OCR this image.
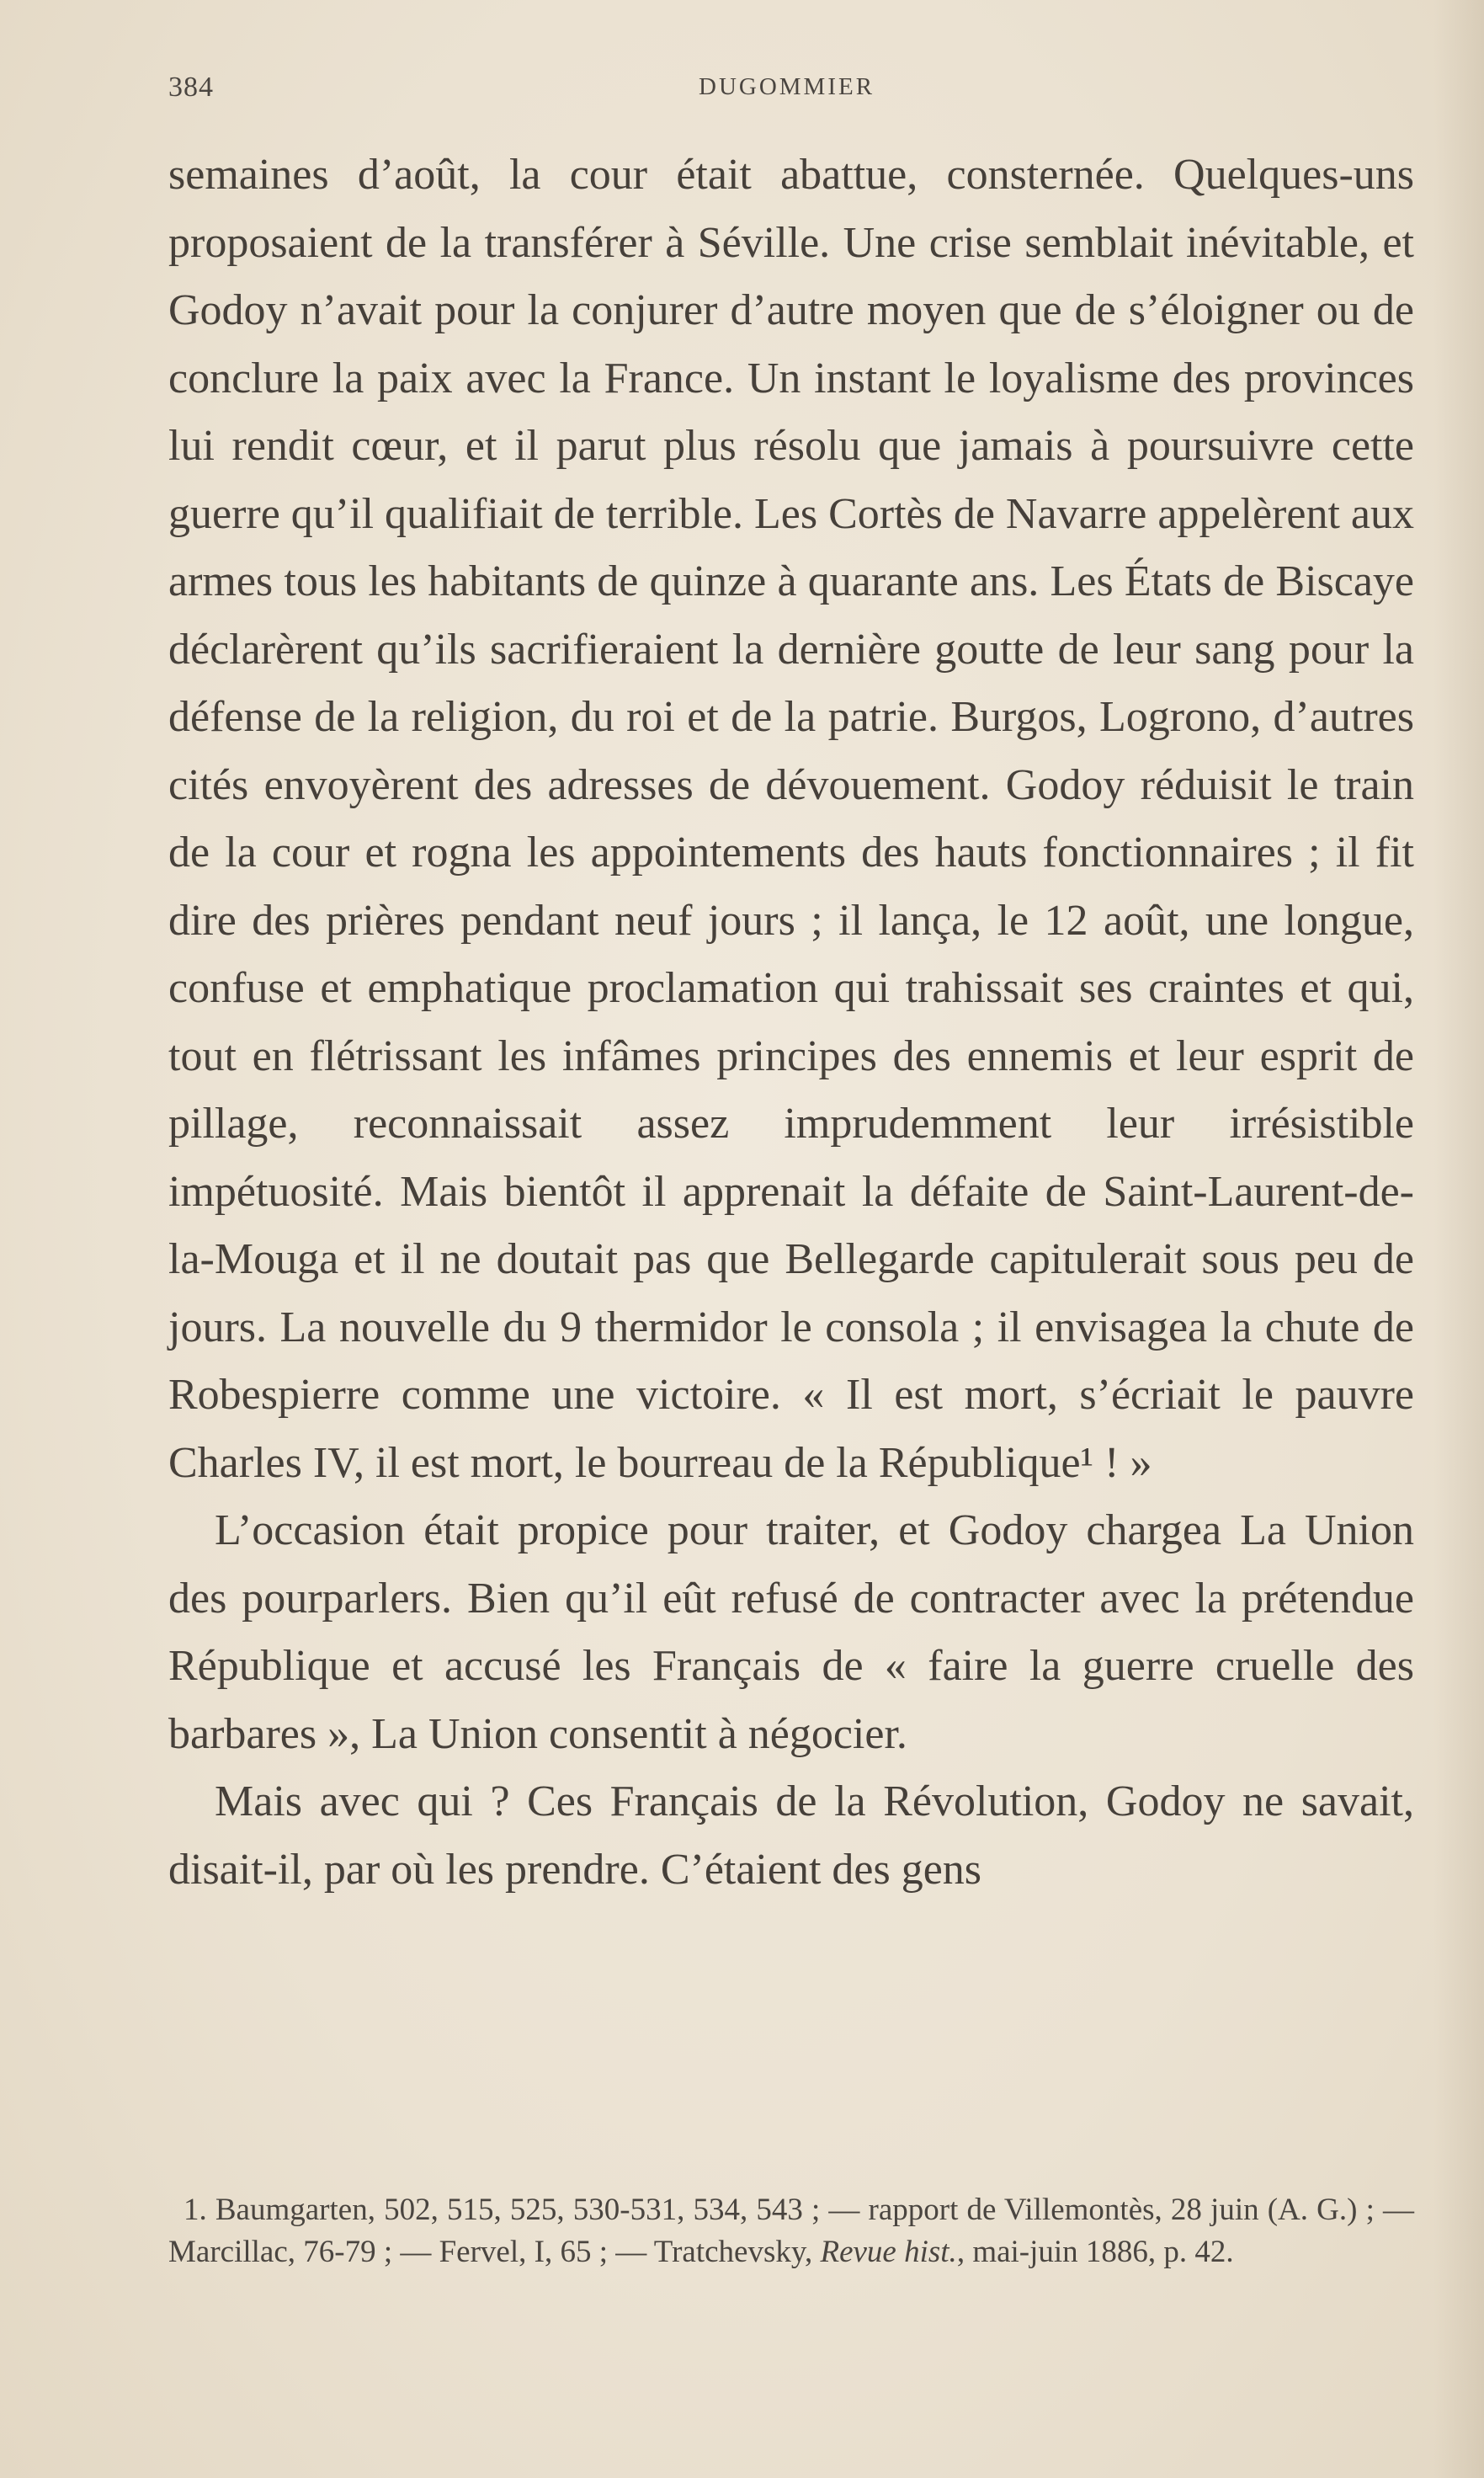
384	DUGOMMIER

semaines d’août, la cour était abattue, consternée. Quelques-uns proposaient de la transférer à Séville. Une crise semblait inévitable, et Godoy n’avait pour la conjurer d’autre moyen que de s’éloigner ou de conclure la paix avec la France. Un instant le loyalisme des provinces lui rendit cœur, et il parut plus résolu que jamais à poursuivre cette guerre qu’il qualifiait de terrible. Les Cortès de Navarre appelèrent aux armes tous les habitants de quinze à quarante ans. Les États de Biscaye déclarèrent qu’ils sacrifieraient la dernière goutte de leur sang pour la défense de la religion, du roi et de la patrie. Burgos, Logrono, d’autres cités envoyèrent des adresses de dévouement. Godoy réduisit le train de la cour et rogna les appointements des hauts fonctionnaires ; il fit dire des prières pendant neuf jours ; il lança, le 12 août, une longue, confuse et emphatique proclamation qui trahissait ses craintes et qui, tout en flétrissant les infâmes principes des ennemis et leur esprit de pillage, reconnaissait assez imprudemment leur irrésistible impétuosité. Mais bientôt il apprenait la défaite de Saint-Laurent-de-la-Mouga et il ne doutait pas que Bellegarde capitulerait sous peu de jours. La nouvelle du 9 thermidor le consola ; il envisagea la chute de Robespierre comme une victoire. « Il est mort, s’écriait le pauvre Charles IV, il est mort, le bourreau de la République¹ ! »

L’occasion était propice pour traiter, et Godoy chargea La Union des pourparlers. Bien qu’il eût refusé de contracter avec la prétendue République et accusé les Français de « faire la guerre cruelle des barbares », La Union consentit à négocier.

Mais avec qui ? Ces Français de la Révolution, Godoy ne savait, disait-il, par où les prendre. C’étaient des gens

1. Baumgarten, 502, 515, 525, 530-531, 534, 543 ; — rapport de Villemontès, 28 juin (A. G.) ; — Marcillac, 76-79 ; — Fervel, I, 65 ; — Tratchevsky, Revue hist., mai-juin 1886, p. 42.
